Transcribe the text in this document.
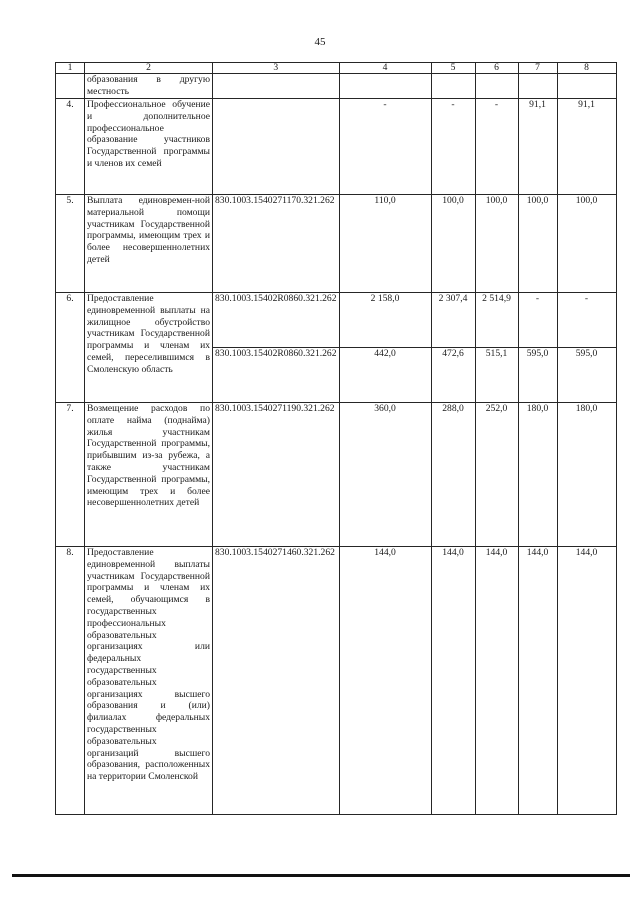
45
1	2	3	4	5	6	7	8
	образования в другую местность						
4.	Профессиональное обучение и дополнительное профессиональное образование участников Государственной программы и членов их семей		-	-	-	91,1	91,1
5.	Выплата единовремен-ной материальной помощи участникам Государственной программы, имеющим трех и более несовершеннолетних детей	830.1003.1540271170.321.262	110,0	100,0	100,0	100,0	100,0
6.	Предоставление единовременной выплаты на жилищное обустройство участникам Государственной программы и членам их семей, переселившимся в Смоленскую область	830.1003.15402R0860.321.262	2 158,0	2 307,4	2 514,9	-	-
		830.1003.15402R0860.321.262	442,0	472,6	515,1	595,0	595,0
7.	Возмещение расходов по оплате найма (поднайма) жилья участникам Государственной программы, прибывшим из-за рубежа, а также участникам Государственной программы, имеющим трех и более несовершеннолетних детей	830.1003.1540271190.321.262	360,0	288,0	252,0	180,0	180,0
8.	Предоставление единовременной выплаты участникам Государственной программы и членам их семей, обучающимся в государственных профессиональных образовательных организациях или федеральных государственных образовательных организациях высшего образования и (или) филиалах федеральных государственных образовательных организаций высшего образования, расположенных на территории Смоленской	830.1003.1540271460.321.262	144,0	144,0	144,0	144,0	144,0
